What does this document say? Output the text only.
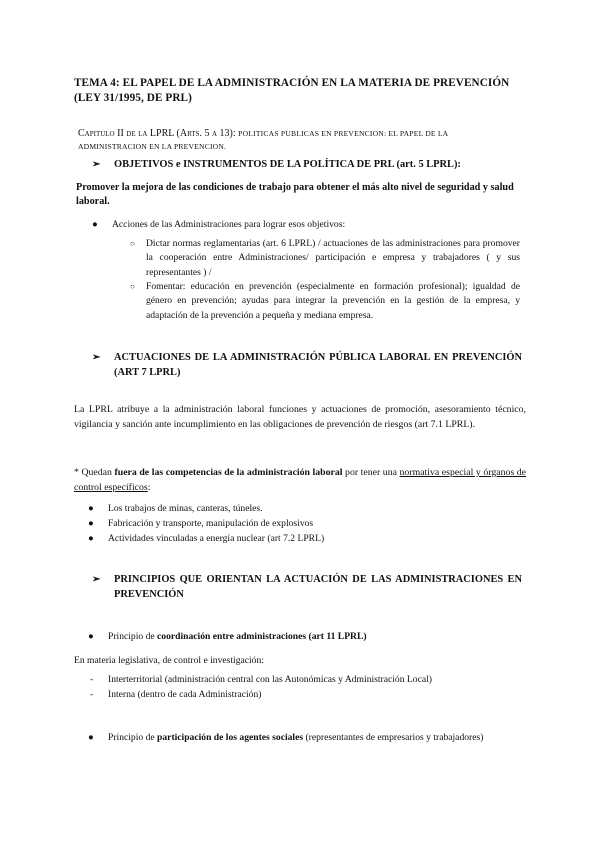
TEMA 4: EL PAPEL DE LA ADMINISTRACIÓN EN LA MATERIA DE PREVENCIÓN
(LEY 31/1995, DE PRL)
Capitulo II de la LPRL (Arts. 5 a 13): POLITICAS PUBLICAS EN PREVENCION: EL PAPEL DE LA
ADMINISTRACION EN LA PREVENCION.
➢ OBJETIVOS e INSTRUMENTOS DE LA POLÍTICA DE PRL (art. 5 LPRL):
Promover la mejora de las condiciones de trabajo para obtener el más alto nivel de seguridad y salud laboral.
● Acciones de las Administraciones para lograr esos objetivos:
○ Dictar normas reglamentarias (art. 6 LPRL) / actuaciones de las administraciones para promover la cooperación entre Administraciones/ participación e empresa y trabajadores ( y sus representantes ) /
○ Fomentar: educación en prevención (especialmente en formación profesional); igualdad de género en prevención; ayudas para integrar la prevención en la gestión de la empresa, y adaptación de la prevención a pequeña y mediana empresa.
➢	ACTUACIONES DE LA ADMINISTRACIÓN PÚBLICA LABORAL EN PREVENCIÓN (ART 7 LPRL)
La LPRL atribuye a la administración laboral funciones y actuaciones de promoción, asesoramiento técnico, vigilancia y sanción ante incumplimiento en las obligaciones de prevención de riesgos (art 7.1 LPRL).
* Quedan fuera de las competencias de la administración laboral por tener una normativa especial y órganos de control específicos:
● Los trabajos de minas, canteras, túneles.
● Fabricación y transporte, manipulación de explosivos
● Actividades vinculadas a energía nuclear (art 7.2 LPRL)
➢	PRINCIPIOS QUE ORIENTAN LA ACTUACIÓN DE LAS ADMINISTRACIONES EN PREVENCIÓN
● Principio de coordinación entre administraciones (art 11 LPRL)
En materia legislativa, de control e investigación:
- Interterritorial (administración central con las Autonómicas y Administración Local)
- Interna (dentro de cada Administración)
● Principio de participación de los agentes sociales (representantes de empresarios y trabajadores)
